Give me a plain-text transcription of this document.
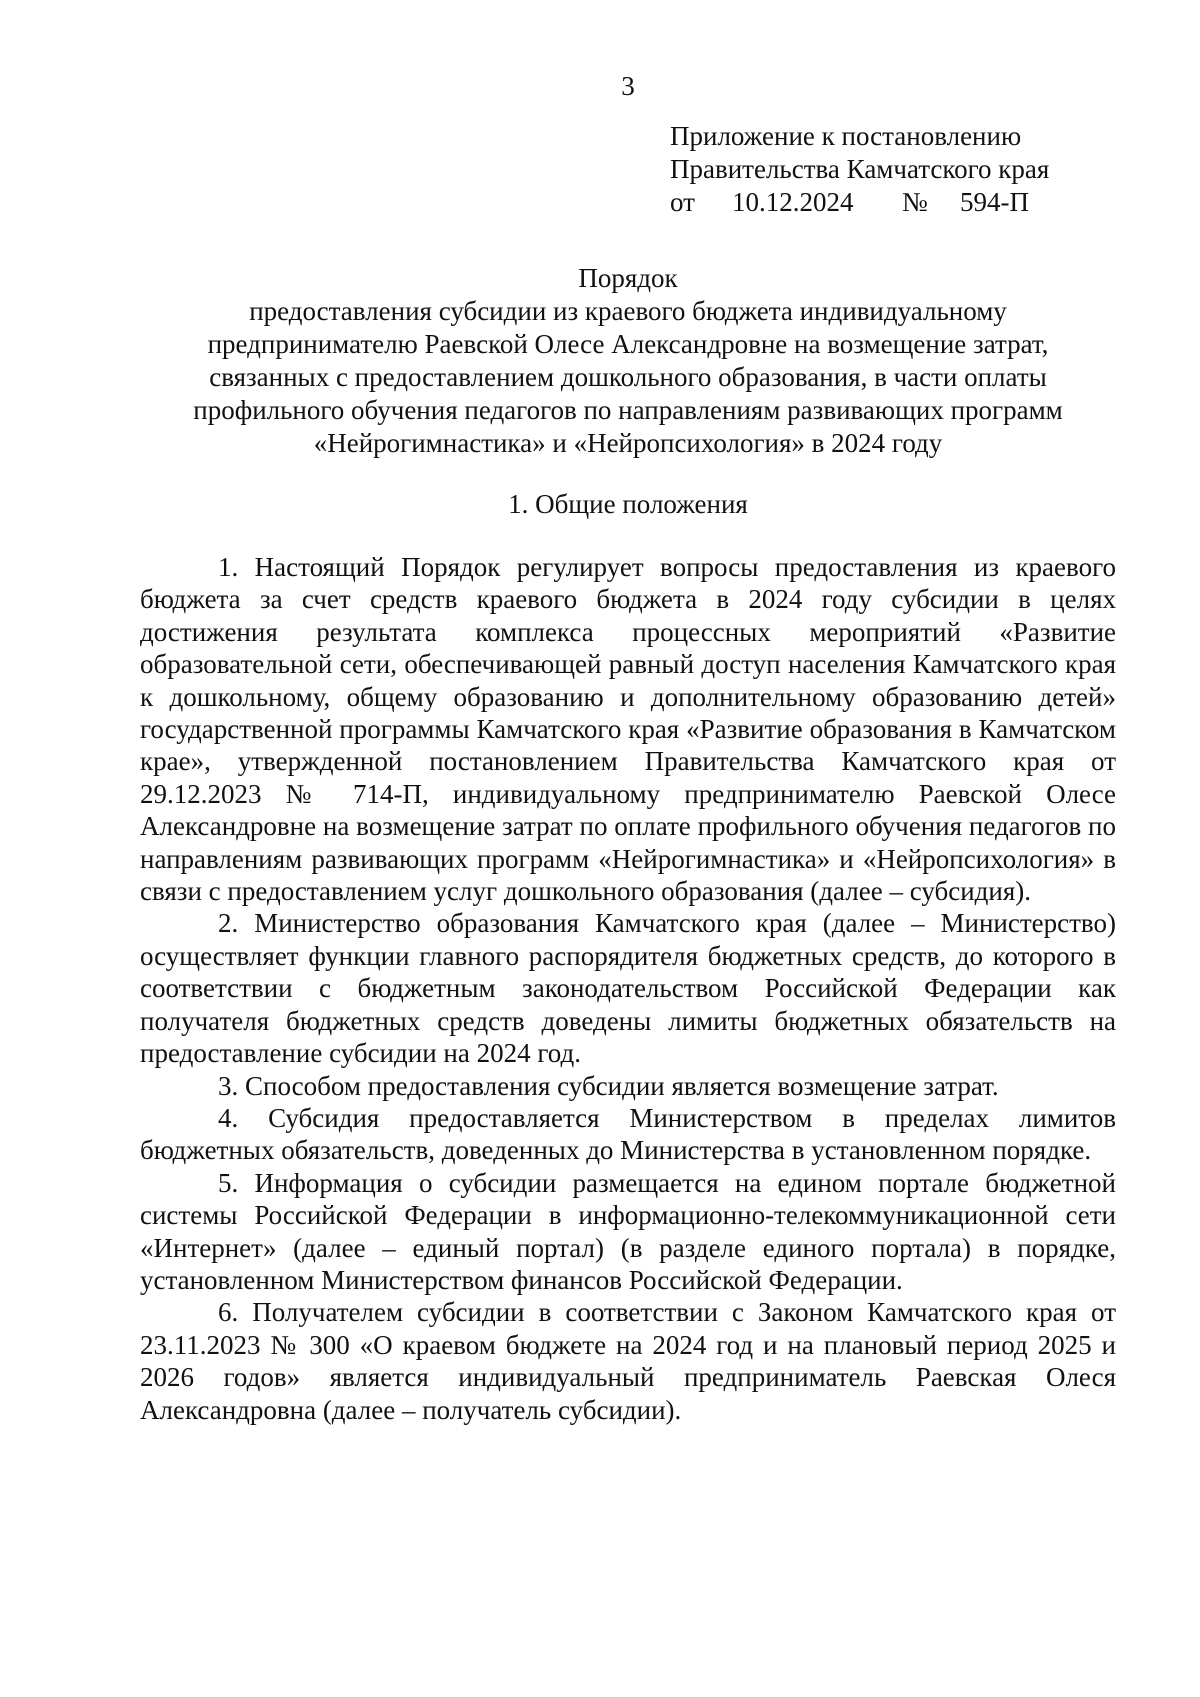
3
Приложение к постановлению
Правительства Камчатского края
от 10.12.2024 № 594-П
Порядок
предоставления субсидии из краевого бюджета индивидуальному
предпринимателю Раевской Олесе Александровне на возмещение затрат,
связанных с предоставлением дошкольного образования, в части оплаты
профильного обучения педагогов по направлениям развивающих программ
«Нейрогимнастика» и «Нейропсихология» в 2024 году
1. Общие положения

1. Настоящий Порядок регулирует вопросы предоставления из краевого бюджета за счет средств краевого бюджета в 2024 году субсидии в целях достижения результата комплекса процессных мероприятий «Развитие образовательной сети, обеспечивающей равный доступ населения Камчатского края к дошкольному, общему образованию и дополнительному образованию детей» государственной программы Камчатского края «Развитие образования в Камчатском крае», утвержденной постановлением Правительства Камчатского края от 29.12.2023 № 714-П, индивидуальному предпринимателю Раевской Олесе Александровне на возмещение затрат по оплате профильного обучения педагогов по направлениям развивающих программ «Нейрогимнастика» и «Нейропсихология» в связи с предоставлением услуг дошкольного образования (далее – субсидия).

2. Министерство образования Камчатского края (далее – Министерство) осуществляет функции главного распорядителя бюджетных средств, до которого в соответствии с бюджетным законодательством Российской Федерации как получателя бюджетных средств доведены лимиты бюджетных обязательств на предоставление субсидии на 2024 год.

3. Способом предоставления субсидии является возмещение затрат.

4. Субсидия предоставляется Министерством в пределах лимитов бюджетных обязательств, доведенных до Министерства в установленном порядке.

5. Информация о субсидии размещается на едином портале бюджетной системы Российской Федерации в информационно-телекоммуникационной сети «Интернет» (далее – единый портал) (в разделе единого портала) в порядке, установленном Министерством финансов Российской Федерации.

6. Получателем субсидии в соответствии с Законом Камчатского края от 23.11.2023 № 300 «О краевом бюджете на 2024 год и на плановый период 2025 и 2026 годов» является индивидуальный предприниматель Раевская Олеся Александровна (далее – получатель субсидии).
